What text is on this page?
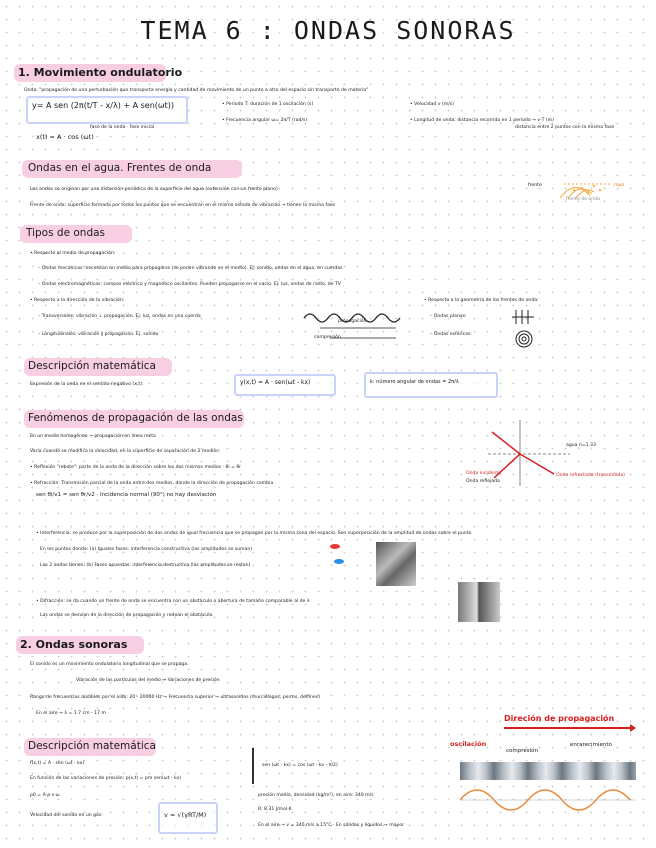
TEMA 6 : ONDAS SONORAS
1. Movimiento ondulatorio
Onda: "propagación de una perturbación que transporta energía y cantidad de movimiento de un punto a otro del espacio sin transporte de materia"
y= A sen (2π(t/T - x/λ) + A sen(ωt))
fase de la onda · fase inicial
x(t) = A · cos (ωt)
• Periodo T: duración de 1 oscilación (s)
• Frecuencia angular ω= 2π/T (rad/s)
• Velocidad v (m/s)
• Longitud de onda: distancia recorrida en 1 periodo → v·T (m)
distancia entre 2 puntos con la misma fase
Ondas en el agua. Frentes de onda
Las ondas se originan por una distorsión periódica de la superficie del agua (extensión con un frente plano)
Frente de onda: superficie formada por todos los puntos que se encuentran en el mismo estado de vibración → tienen la misma fase
frente	rayo
frente de onda
Tipos de ondas
• Respecto al medio de propagación:
– Ondas mecánicas: necesitan un medio para propagarse (se ponen vibrando en el medio). Ej: sonido, ondas en el agua, en cuerdas
– Ondas electromagnéticas: campos eléctrico y magnético oscilantes. Pueden propagarse en el vacío. Ej: luz, ondas de radio, de TV
• Respecto a la dirección de la vibración:
– Transversales: vibración ⊥ propagación. Ej: luz, ondas en una cuerda
– Longitudinales: vibración ∥ propagación. Ej: sonido
propagación
compresión
• Respecto a la geometría de los frentes de onda:
– Ondas planas:
– Ondas esféricas:
Descripción matemática
Expresión de la onda en el sentido negativo (x,t):	y(x,t) = A · sen(ωt - kx)	k: número angular de ondas = 2π/λ
Fenómenos de propagación de las ondas
En un medio homogéneo → propagación en línea recta
Varía cuando se modifica la velocidad, en la superficie de separación de 2 medios:
• Reflexión "rebote": parte de la onda de la dirección sobre los dos mismos medios · θi = θr
• Refracción: Transmisión parcial de la onda entre dos medios, donde la dirección de propagación cambia
sen θi/v1 = sen θr/v2 · Incidencia normal (90°) no hay desviación
agua n=1.33
Onda incidente
Onda reflejada
Onda refractada (transmitida)
• Interferencia: se produce por la superposición de dos ondas de igual frecuencia que se propagan por la misma zona del espacio. Son superposición de la amplitud de ondas sobre el punto.
En los puntos donde: (a) Iguales fases: interferencia constructiva (las amplitudes se suman)
Las 2 ondas tienen: (b) Fases opuestas: interferencia destructiva (las amplitudes se restan)
• Difracción: se da cuando un frente de onda se encuentra con un obstáculo o abertura de tamaño comparable al de λ
Las ondas se desvían de la dirección de propagación y rodean el obstáculo
2. Ondas sonoras
El sonido es un movimiento ondulatorio longitudinal que se propaga.
Vibración de las partículas del medio ↔ Variaciones de presión
Rango de frecuencias audibles por el oído: 20 - 20000 Hz → Frecuencia superior → ultrasonidos (murciélagos, perros, delfines)
En el aire → λ = 1.7 cm - 17 m
Descripción matemática
f(x,t) = A · sen (ωt - kx)
En función de las variaciones de presión: p(x,t) = pm sen(ωt - kx)
p0 = A·ρ·v·ω
Velocidad del sonido en un gas:	v = √(γRT/M)
sen (ωt - kx) = cos (ωt - kx - π/2)
presión media, densidad (kg/m³), en aire: 340 m/s
R: 8.31 J/mol·K
En el aire → v = 340 m/s a 15°C · En sólidos y líquidos → mayor
Direción de propagación
oscilación
compresión
enrarecimiento
